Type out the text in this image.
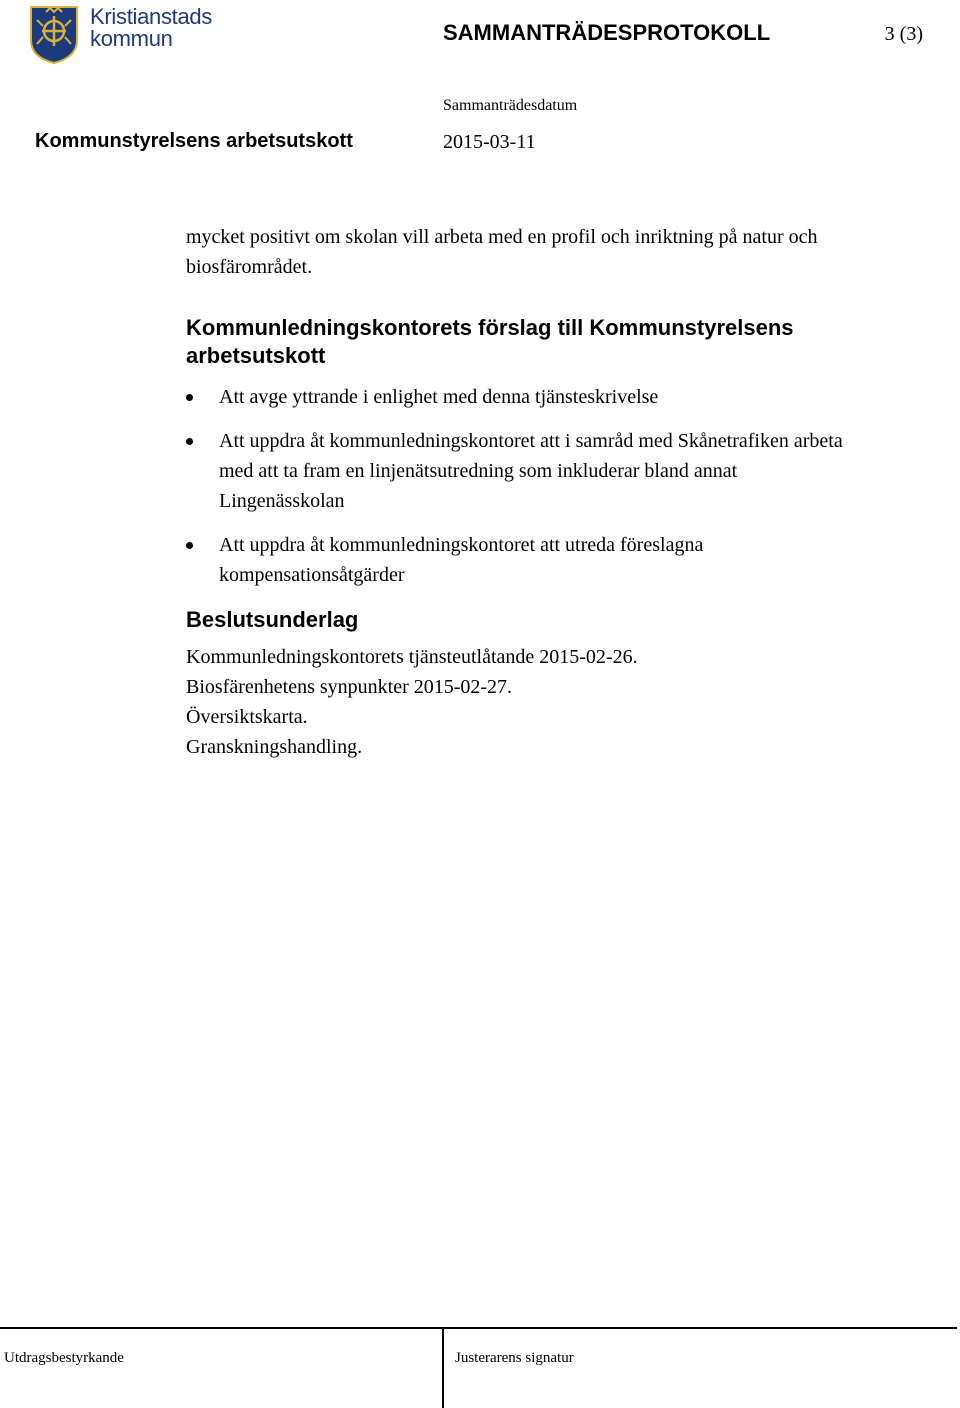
Kristianstads
kommun	SAMMANTRÄDESPROTOKOLL	3 (3)
Sammanträdesdatum
Kommunstyrelsens arbetsutskott	2015-03-11

mycket positivt om skolan vill arbeta med en profil och inriktning på natur och biosfärområdet.

Kommunledningskontorets förslag till Kommunstyrelsens arbetsutskott
Att avge yttrande i enlighet med denna tjänsteskrivelse
Att uppdra åt kommunledningskontoret att i samråd med Skånetrafiken arbeta med att ta fram en linjenätsutredning som inkluderar bland annat Lingenässkolan
Att uppdra åt kommunledningskontoret att utreda föreslagna kompensationsåtgärder
Beslutsunderlag
Kommunledningskontorets tjänsteutlåtande 2015-02-26.
Biosfärenhetens synpunkter 2015-02-27.
Översiktskarta.
Granskningshandling.
Utdragsbestyrkande	Justerarens signatur
